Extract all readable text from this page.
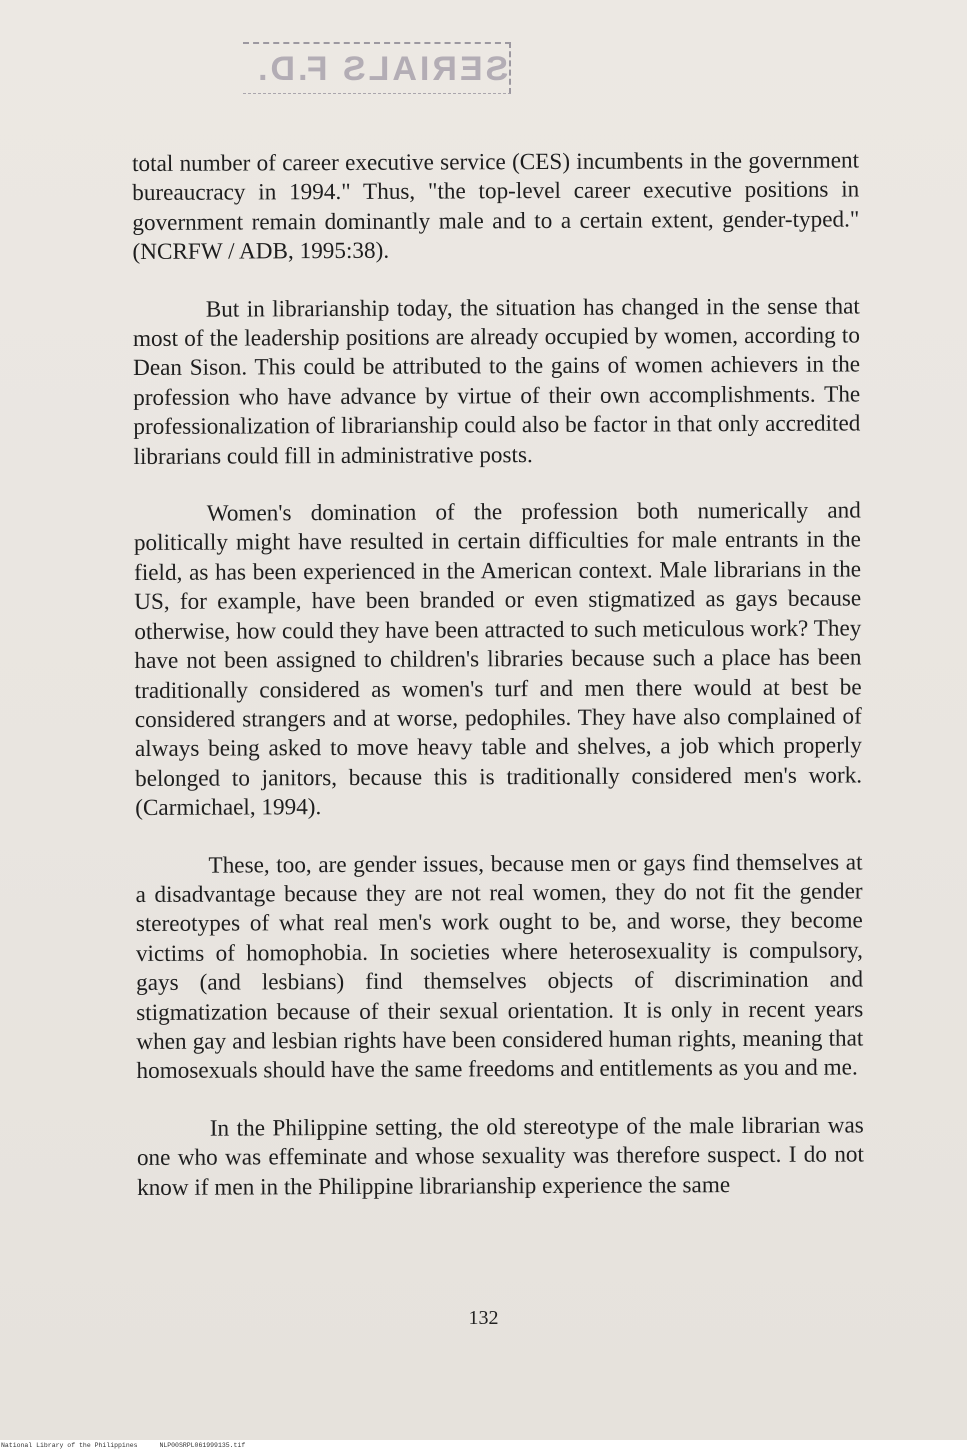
SERIALS F.D.

total number of career executive service (CES) incumbents in the government bureaucracy in 1994." Thus, "the top-level career executive positions in government remain dominantly male and to a certain extent, gender-typed." (NCRFW / ADB, 1995:38).

But in librarianship today, the situation has changed in the sense that most of the leadership positions are already occupied by women, according to Dean Sison. This could be attributed to the gains of women achievers in the profession who have advance by virtue of their own accomplishments. The professionalization of librarianship could also be factor in that only accredited librarians could fill in administrative posts.

Women's domination of the profession both numerically and politically might have resulted in certain difficulties for male entrants in the field, as has been experienced in the American context. Male librarians in the US, for example, have been branded or even stigmatized as gays because otherwise, how could they have been attracted to such meticulous work? They have not been assigned to children's libraries because such a place has been traditionally considered as women's turf and men there would at best be considered strangers and at worse, pedophiles. They have also complained of always being asked to move heavy table and shelves, a job which properly belonged to janitors, because this is traditionally considered men's work. (Carmichael, 1994).

These, too, are gender issues, because men or gays find themselves at a disadvantage because they are not real women, they do not fit the gender stereotypes of what real men's work ought to be, and worse, they become victims of homophobia. In societies where heterosexuality is compulsory, gays (and lesbians) find themselves objects of discrimination and stigmatization because of their sexual orientation. It is only in recent years when gay and lesbian rights have been considered human rights, meaning that homosexuals should have the same freedoms and entitlements as you and me.

In the Philippine setting, the old stereotype of the male librarian was one who was effeminate and whose sexuality was therefore suspect. I do not know if men in the Philippine librarianship experience the same

132
National Library of the Philippines	NLP00SRPL061999135.tif
